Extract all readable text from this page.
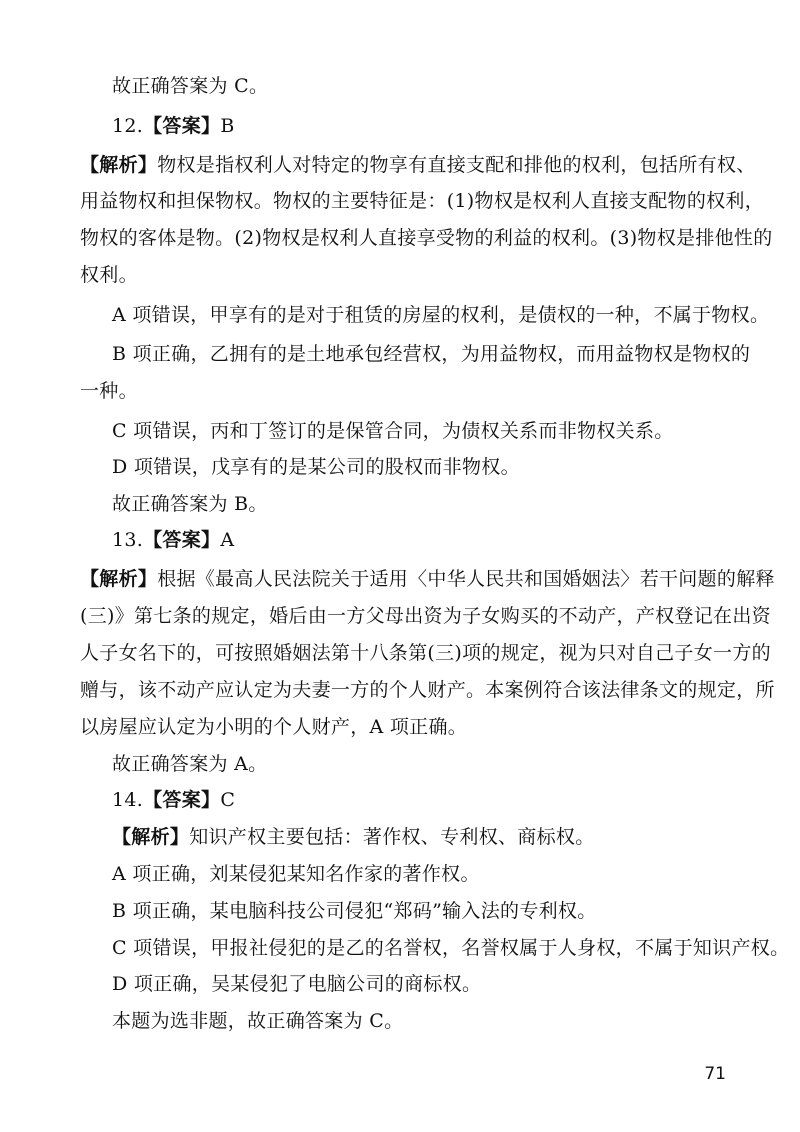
故正确答案为 C。
12.【答案】B
【解析】物权是指权利人对特定的物享有直接支配和排他的权利，包括所有权、
用益物权和担保物权。物权的主要特征是：(1)物权是权利人直接支配物的权利，
物权的客体是物。(2)物权是权利人直接享受物的利益的权利。(3)物权是排他性的
权利。
A 项错误，甲享有的是对于租赁的房屋的权利，是债权的一种，不属于物权。
B 项正确，乙拥有的是土地承包经营权，为用益物权，而用益物权是物权的
一种。
C 项错误，丙和丁签订的是保管合同，为债权关系而非物权关系。
D 项错误，戊享有的是某公司的股权而非物权。
故正确答案为 B。
13.【答案】A
【解析】根据《最高人民法院关于适用〈中华人民共和国婚姻法〉若干问题的解释
(三)》第七条的规定，婚后由一方父母出资为子女购买的不动产，产权登记在出资
人子女名下的，可按照婚姻法第十八条第(三)项的规定，视为只对自己子女一方的
赠与，该不动产应认定为夫妻一方的个人财产。本案例符合该法律条文的规定，所
以房屋应认定为小明的个人财产，A 项正确。
故正确答案为 A。
14.【答案】C
【解析】知识产权主要包括：著作权、专利权、商标权。
A 项正确，刘某侵犯某知名作家的著作权。
B 项正确，某电脑科技公司侵犯“郑码”输入法的专利权。
C 项错误，甲报社侵犯的是乙的名誉权，名誉权属于人身权，不属于知识产权。
D 项正确，吴某侵犯了电脑公司的商标权。
本题为选非题，故正确答案为 C。
71
